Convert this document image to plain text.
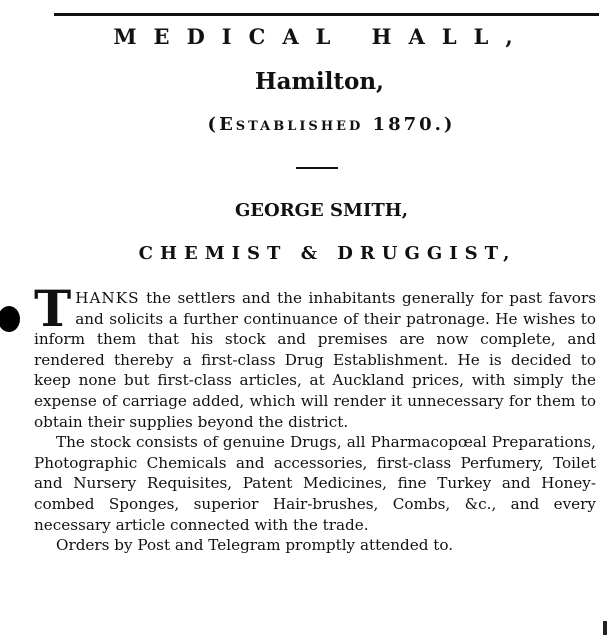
MEDICAL HALL,
Hamilton,
(Established 1870.)
GEORGE SMITH,
CHEMIST & DRUGGIST,

THANKS the settlers and the inhabitants generally for past favors and solicits a further continuance of their patronage. He wishes to inform them that his stock and premises are now complete, and rendered thereby a first-class Drug Establishment. He is decided to keep none but first-class articles, at Auckland prices, with simply the expense of carriage added, which will render it unnecessary for them to obtain their supplies beyond the district.

The stock consists of genuine Drugs, all Pharmacopœal Preparations, Photographic Chemicals and accessories, first-class Perfumery, Toilet and Nursery Requisites, Patent Medicines, fine Turkey and Honey-combed Sponges, superior Hair-brushes, Combs, &c., and every necessary article connected with the trade.

Orders by Post and Telegram promptly attended to.
